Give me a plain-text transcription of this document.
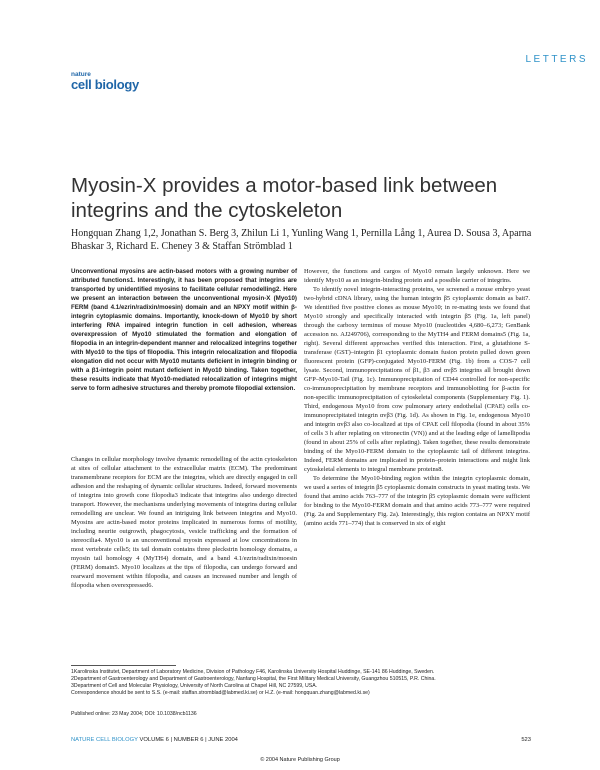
LETTERS
nature
cell biology
Myosin-X provides a motor-based link between integrins and the cytoskeleton
Hongquan Zhang 1,2, Jonathan S. Berg 3, Zhilun Li 1, Yunling Wang 1, Pernilla Lång 1, Aurea D. Sousa 3, Aparna Bhaskar 3, Richard E. Cheney 3 & Staffan Strömblad 1
Unconventional myosins are actin-based motors with a growing number of attributed functions1. Interestingly, it has been proposed that integrins are transported by unidentified myosins to facilitate cellular remodelling2. Here we present an interaction between the unconventional myosin-X (Myo10) FERM (band 4.1/ezrin/radixin/moesin) domain and an NPXY motif within β-integrin cytoplasmic domains. Importantly, knock-down of Myo10 by short interfering RNA impaired integrin function in cell adhesion, whereas overexpression of Myo10 stimulated the formation and elongation of filopodia in an integrin-dependent manner and relocalized integrins together with Myo10 to the tips of filopodia. This integrin relocalization and filopodia elongation did not occur with Myo10 mutants deficient in integrin binding or with a β1-integrin point mutant deficient in Myo10 binding. Taken together, these results indicate that Myo10-mediated relocalization of integrins might serve to form adhesive structures and thereby promote filopodial extension.

Changes in cellular morphology involve dynamic remodelling of the actin cytoskeleton at sites of cellular attachment to the extracellular matrix (ECM). The predominant transmembrane receptors for ECM are the integrins, which are directly engaged in cell adhesion and the reshaping of dynamic cellular structures. Indeed, forward movements of integrins into growth cone filopodia3 indicate that integrins also undergo directed transport. However, the mechanisms underlying movements of integrins during cellular remodelling are unclear. We found an intriguing link between integrins and Myo10. Myosins are actin-based motor proteins implicated in numerous forms of motility, including neurite outgrowth, phagocytosis, vesicle trafficking and the formation of stereocilia4. Myo10 is an unconventional myosin expressed at low concentrations in most vertebrate cells5; its tail domain contains three pleckstrin homology domains, a myosin tail homology 4 (MyTH4) domain, and a band 4.1/ezrin/radixin/moesin (FERM) domain5. Myo10 localizes at the tips of filopodia, can undergo forward and rearward movement within filopodia, and causes an increased number and length of filopodia when overexpressed6.

However, the functions and cargos of Myo10 remain largely unknown. Here we identify Myo10 as an integrin-binding protein and a possible carrier of integrins.

To identify novel integrin-interacting proteins, we screened a mouse embryo yeast two-hybrid cDNA library, using the human integrin β5 cytoplasmic domain as bait7. We identified five positive clones as mouse Myo10; in re-mating tests we found that Myo10 strongly and specifically interacted with integrin β5 (Fig. 1a, left panel) through the carboxy terminus of mouse Myo10 (nucleotides 4,680–6,273; GenBank accession no. AJ249706), corresponding to the MyTH4 and FERM domains5 (Fig. 1a, right). Several different approaches verified this interaction. First, a glutathione S-transferase (GST)–integrin β1 cytoplasmic domain fusion protein pulled down green fluorescent protein (GFP)-conjugated Myo10-FERM (Fig. 1b) from a COS-7 cell lysate. Second, immunoprecipitations of β1, β3 and αvβ5 integrins all brought down GFP–Myo10-Tail (Fig. 1c). Immunoprecipitation of CD44 controlled for non-specific co-immunoprecipitation by membrane receptors and immunoblotting for β-actin for non-specific immunoprecipitation of cytoskeletal components (Supplementary Fig. 1). Third, endogenous Myo10 from cow pulmonary artery endothelial (CPAE) cells co-immunoprecipitated integrin αvβ3 (Fig. 1d). As shown in Fig. 1e, endogenous Myo10 and integrin αvβ3 also co-localized at tips of CPAE cell filopodia (found in about 35% of cells 3 h after replating on vitronectin (VN)) and at the leading edge of lamellipodia (found in about 25% of cells after replating). Taken together, these results demonstrate binding of the Myo10-FERM domain to the cytoplasmic tail of different integrins. Indeed, FERM domains are implicated in protein–protein interactions and might link cytoskeletal elements to integral membrane proteins8.

To determine the Myo10-binding region within the integrin cytoplasmic domain, we used a series of integrin β5 cytoplasmic domain constructs in yeast mating tests. We found that amino acids 763–777 of the integrin β5 cytoplasmic domain were sufficient for binding to the Myo10-FERM domain and that amino acids 773–777 were required (Fig. 2a and Supplementary Fig. 2a). Interestingly, this region contains an NPXY motif (amino acids 771–774) that is conserved in six of eight

1Karolinska Institutet, Department of Laboratory Medicine, Division of Pathology F46, Karolinska University Hospital Huddinge, SE-141 86 Huddinge, Sweden.
2Department of Gastroenterology and Department of Gastroenterology, Nanfang Hospital, the First Military Medical University, Guangzhou 510515, P.R. China.
3Department of Cell and Molecular Physiology, University of North Carolina at Chapel Hill, NC 27599, USA.
Correspondence should be sent to S.S. (e-mail: staffan.stromblad@labmed.ki.se) or H.Z. (e-mail: hongquan.zhang@labmed.ki.se)
Published online: 23 May 2004; DOI: 10.1038/ncb1136
NATURE CELL BIOLOGY VOLUME 6 | NUMBER 6 | JUNE 2004	523
© 2004 Nature Publishing Group
